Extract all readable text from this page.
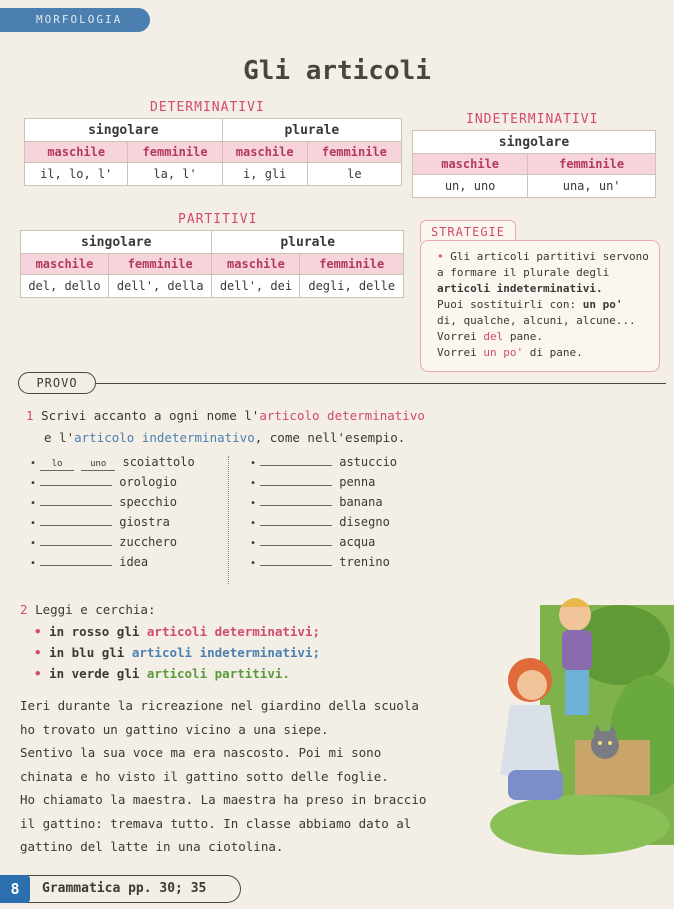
MORFOLOGIA
Gli articoli
DETERMINATIVI
singolare		plurale	
maschile	femminile	maschile	femminile
il, lo, l'	la, l'	i, gli	le
INDETERMINATIVI
singolare	
maschile	femminile
un, uno	una, un'
PARTITIVI
singolare		plurale	
maschile	femminile	maschile	femminile
del, dello	dell', della	dell', dei	degli, delle
STRATEGIE
• Gli articoli partitivi servono
a formare il plurale degli
articoli indeterminativi.
Puoi sostituirli con: un po'
di, qualche, alcuni, alcune...
Vorrei del pane.
Vorrei un po' di pane.
PROVO
1 Scrivi accanto a ogni nome l'articolo determinativo
e l'articolo indeterminativo, come nell'esempio.
• lo	uno scoiattolo
•	orologio
•	specchio
•	giostra
•	zucchero
•	idea
•	astuccio
•	penna
•	banana
•	disegno
•	acqua
•	trenino
2 Leggi e cerchia:
• in rosso gli articoli determinativi;
• in blu gli articoli indeterminativi;
• in verde gli articoli partitivi.
Ieri durante la ricreazione nel giardino della scuola
ho trovato un gattino vicino a una siepe.
Sentivo la sua voce ma era nascosto. Poi mi sono
chinata e ho visto il gattino sotto delle foglie.
Ho chiamato la maestra. La maestra ha preso in braccio
il gattino: tremava tutto. In classe abbiamo dato al
gattino del latte in una ciotolina.
Grammatica pp. 30; 35
8
